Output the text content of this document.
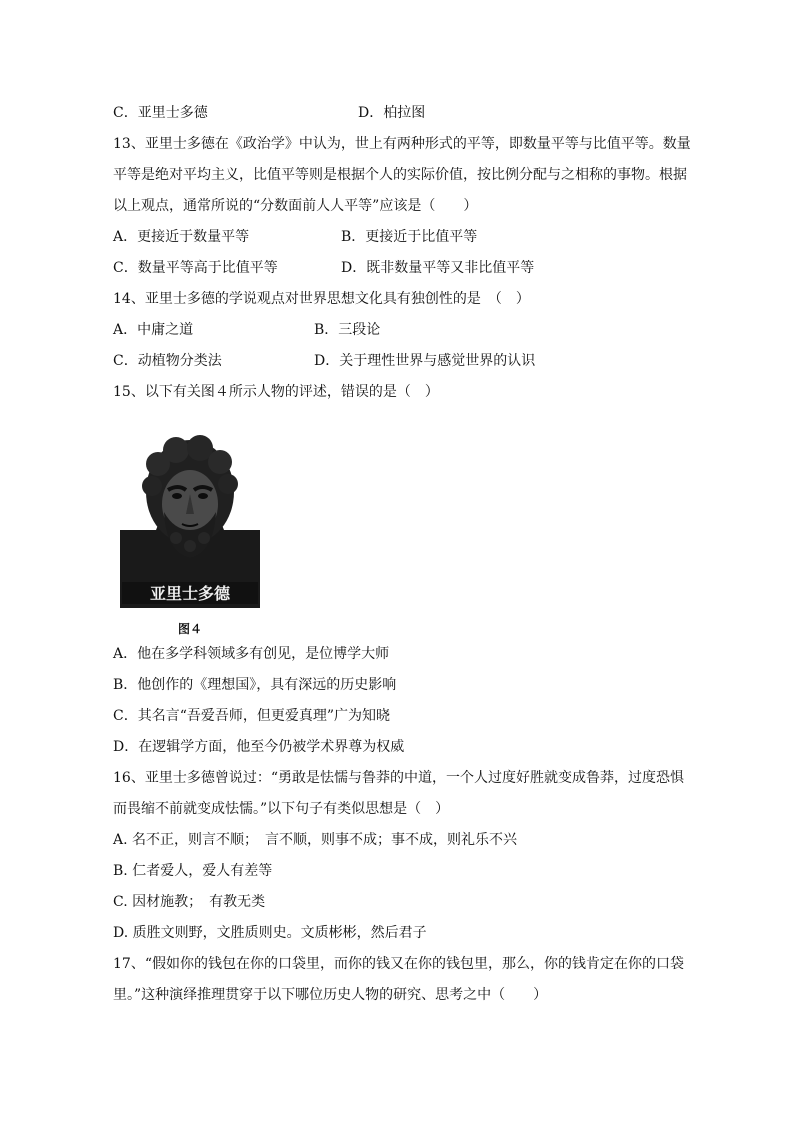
C．亚里士多德	D．柏拉图
13、亚里士多德在《政治学》中认为，世上有两种形式的平等，即数量平等与比值平等。数量
平等是绝对平均主义，比值平等则是根据个人的实际价值，按比例分配与之相称的事物。根据
以上观点，通常所说的“分数面前人人平等”应该是（　　）
A．更接近于数量平等	B．更接近于比值平等
C．数量平等高于比值平等	D．既非数量平等又非比值平等
14、亚里士多德的学说观点对世界思想文化具有独创性的是　（　）
A．中庸之道	B．三段论
C．动植物分类法	D．关于理性世界与感觉世界的认识
15、以下有关图４所示人物的评述，错误的是（　）
亚里士多德
图４
A．他在多学科领域多有创见，是位博学大师
B．他创作的《理想国》，具有深远的历史影响
C．其名言“吾爱吾师，但更爱真理”广为知晓
D．在逻辑学方面，他至今仍被学术界尊为权威
16、亚里士多德曾说过：“勇敢是怯懦与鲁莽的中道，一个人过度好胜就变成鲁莽，过度恐惧
而畏缩不前就变成怯懦。”以下句子有类似思想是（　）
A. 名不正，则言不顺；　言不顺，则事不成；事不成，则礼乐不兴
B. 仁者爱人，爱人有差等
C. 因材施教；　有教无类
D. 质胜文则野，文胜质则史。文质彬彬，然后君子
17、“假如你的钱包在你的口袋里，而你的钱又在你的钱包里，那么，你的钱肯定在你的口袋
里。”这种演绎推理贯穿于以下哪位历史人物的研究、思考之中（　　）
